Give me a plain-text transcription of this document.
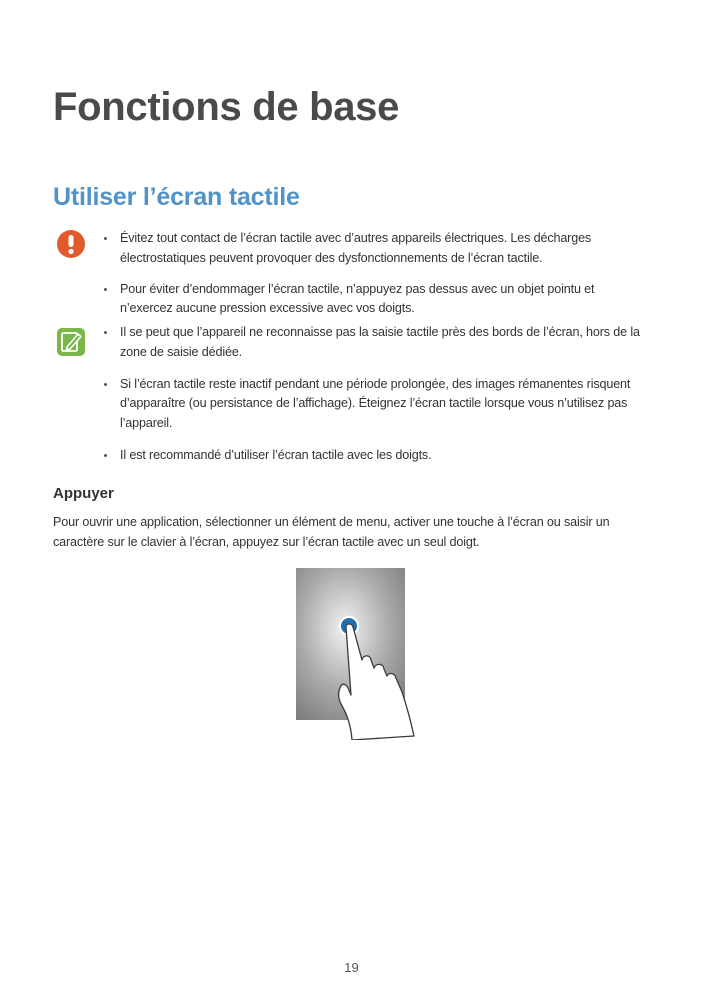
Fonctions de base
Utiliser l’écran tactile
Évitez tout contact de l’écran tactile avec d’autres appareils électriques. Les décharges électrostatiques peuvent provoquer des dysfonctionnements de l’écran tactile.
Pour éviter d’endommager l’écran tactile, n’appuyez pas dessus avec un objet pointu et n’exercez aucune pression excessive avec vos doigts.
Il se peut que l’appareil ne reconnaisse pas la saisie tactile près des bords de l’écran, hors de la zone de saisie dédiée.
Si l’écran tactile reste inactif pendant une période prolongée, des images rémanentes risquent d’apparaître (ou persistance de l’affichage). Éteignez l’écran tactile lorsque vous n’utilisez pas l’appareil.
Il est recommandé d’utiliser l’écran tactile avec les doigts.
Appuyer

Pour ouvrir une application, sélectionner un élément de menu, activer une touche à l’écran ou saisir un caractère sur le clavier à l’écran, appuyez sur l’écran tactile avec un seul doigt.

19
